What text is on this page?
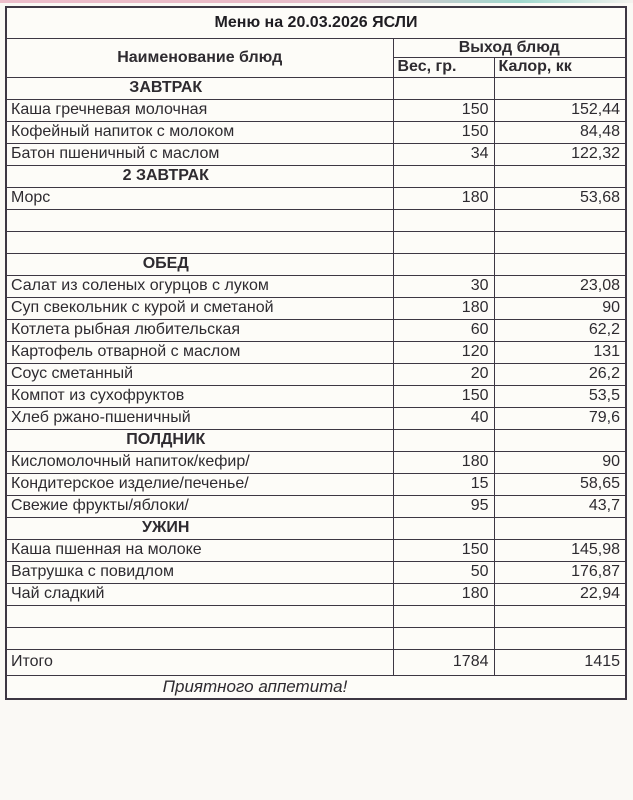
Меню на 20.03.2026 ЯСЛИ		
Наименование блюд	Выход блюд	
	Вес, гр.	Калор, кк
ЗАВТРАК		
Каша гречневая молочная	150	152,44
Кофейный напиток с молоком	150	84,48
Батон пшеничный с маслом	34	122,32
2 ЗАВТРАК		
Морс	180	53,68

ОБЕД		
Салат из соленых огурцов с луком	30	23,08
Суп свекольник с курой и сметаной	180	90
Котлета рыбная любительская	60	62,2
Картофель отварной с маслом	120	131
Соус сметанный	20	26,2
Компот из сухофруктов	150	53,5
Хлеб ржано-пшеничный	40	79,6
ПОЛДНИК		
Кисломолочный напиток/кефир/	180	90
Кондитерское изделие/печенье/	15	58,65
Свежие фрукты/яблоки/	95	43,7
УЖИН		
Каша пшенная на молоке	150	145,98
Ватрушка с повидлом	50	176,87
Чай сладкий	180	22,94

Итого	1784	1415
Приятного аппетита!		
